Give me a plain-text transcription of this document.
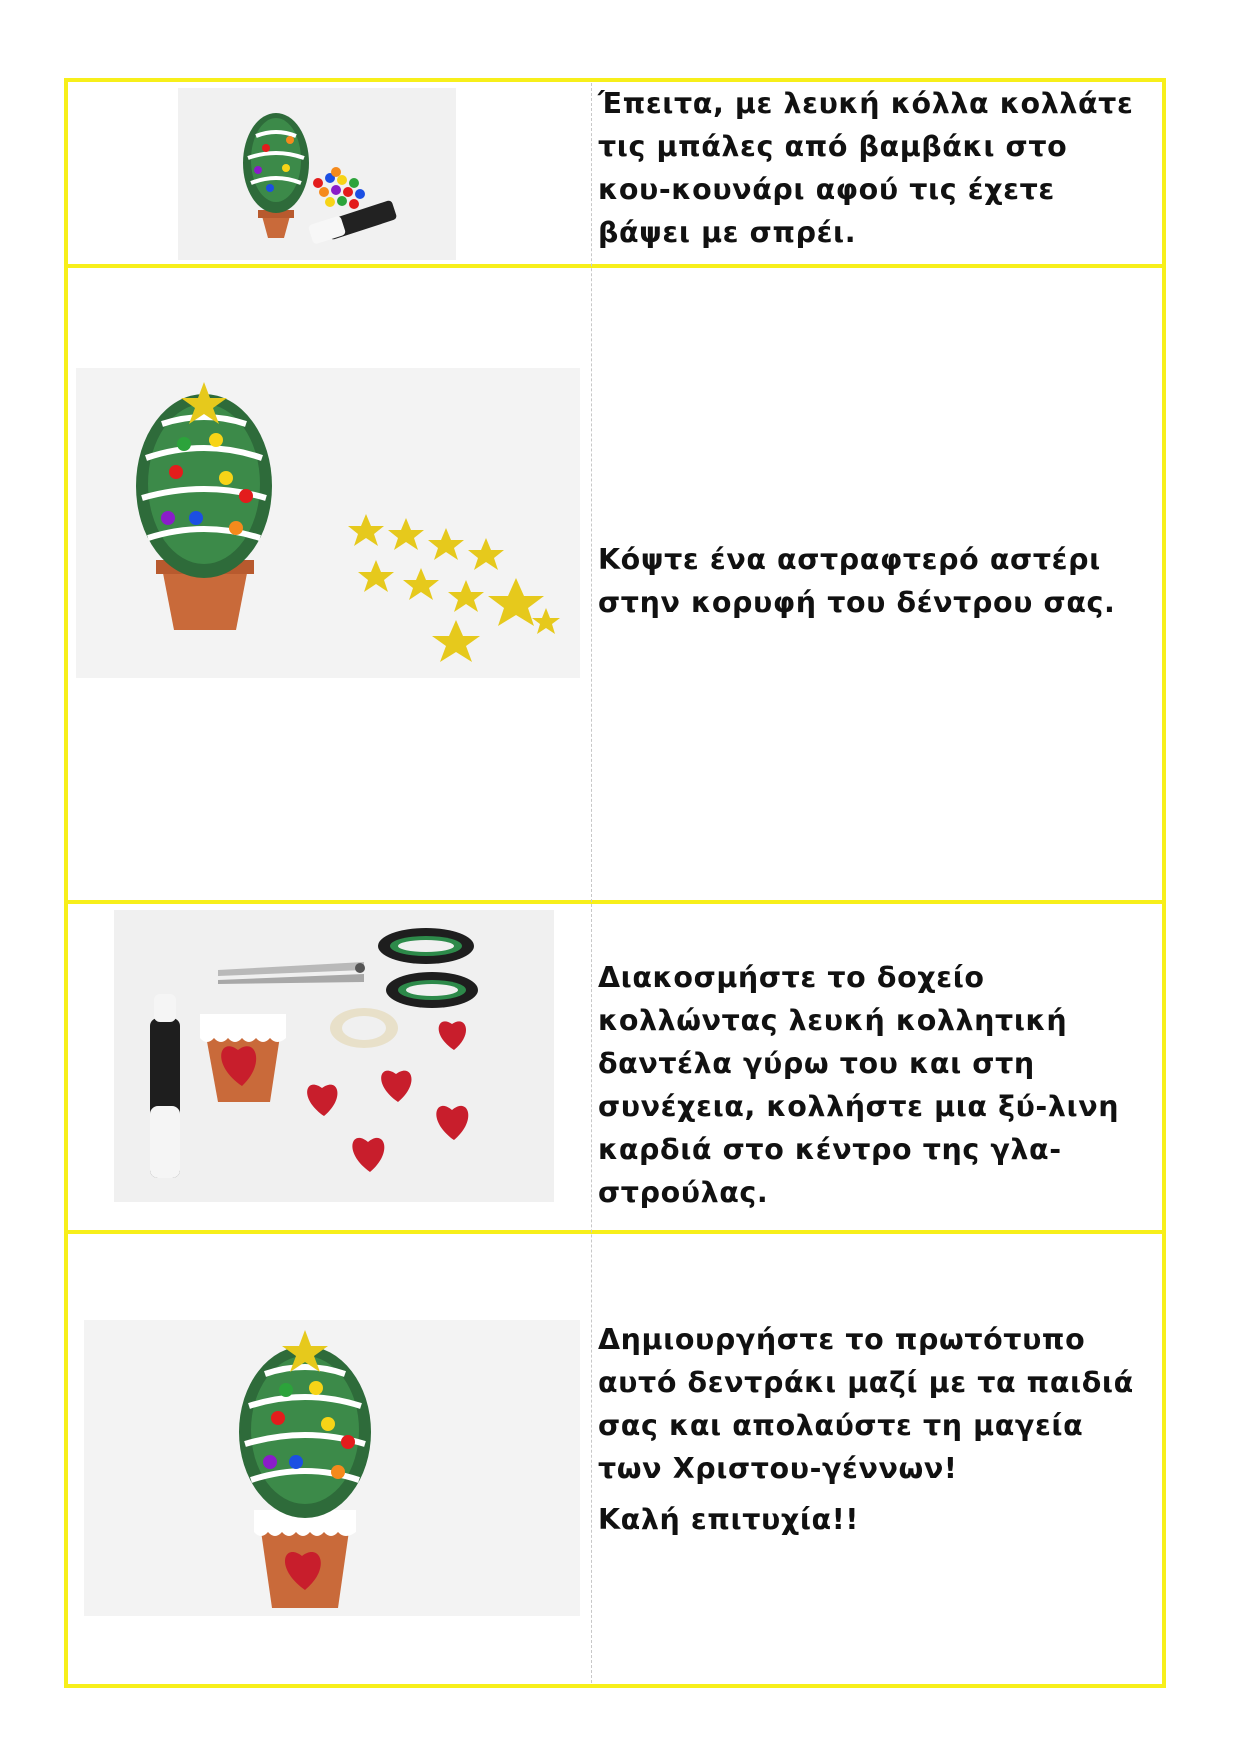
Έπειτα, με λευκή κόλλα κολλάτε τις μπάλες από βαμβάκι στο κου-κουνάρι αφού τις έχετε βάψει με σπρέι.

Κόψτε ένα αστραφτερό αστέρι στην κορυφή του δέντρου σας.

Διακοσμήστε το δοχείο κολλώντας λευκή κολλητική δαντέλα γύρω του και στη συνέχεια, κολλήστε μια ξύ-λινη καρδιά στο κέντρο της γλα-στρούλας.

Δημιουργήστε το πρωτότυπο αυτό δεντράκι μαζί με τα παιδιά σας και απολαύστε τη μαγεία των Χριστου-γέννων!

Καλή επιτυχία!!
